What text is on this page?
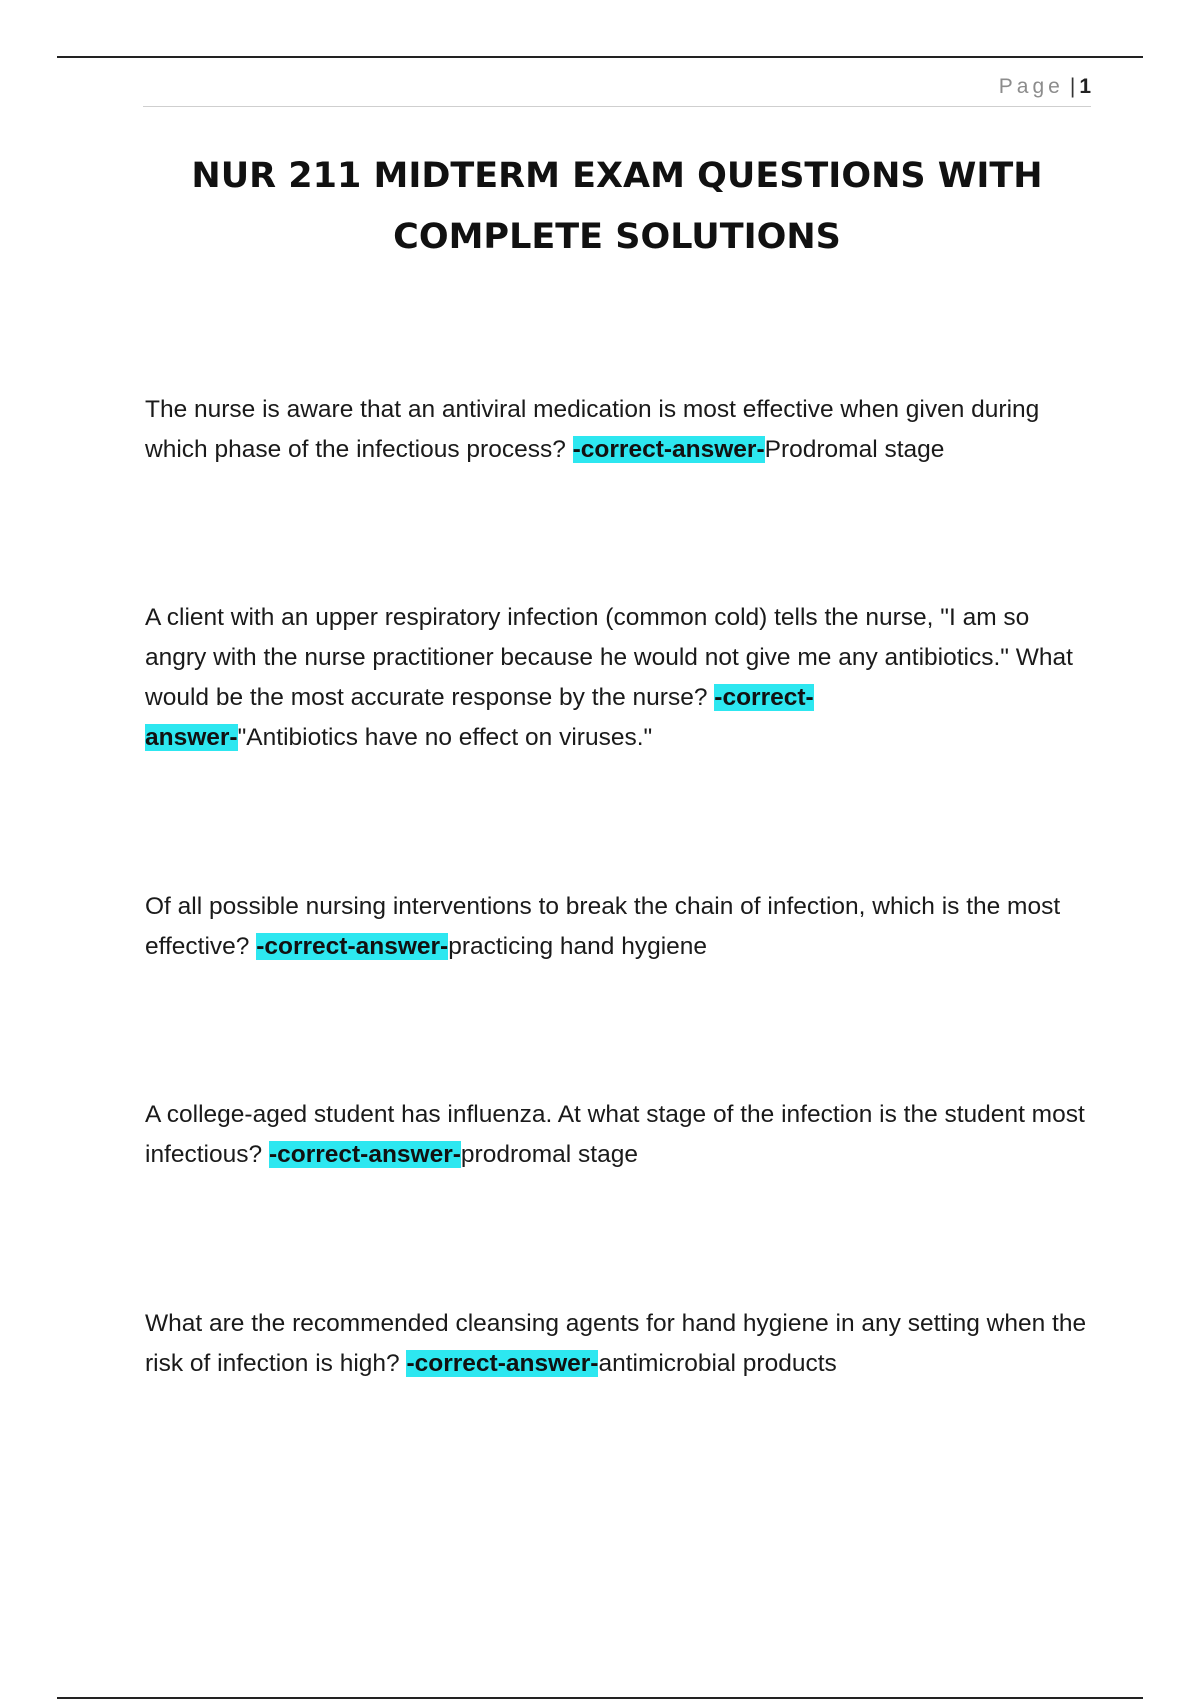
Page | 1
NUR 211 MIDTERM EXAM QUESTIONS WITH
COMPLETE SOLUTIONS

The nurse is aware that an antiviral medication is most effective when given during which phase of the infectious process? -correct-answer-Prodromal stage

A client with an upper respiratory infection (common cold) tells the nurse, "I am so angry with the nurse practitioner because he would not give me any antibiotics." What would be the most accurate response by the nurse? -correct-
answer-"Antibiotics have no effect on viruses."

Of all possible nursing interventions to break the chain of infection, which is the most effective? -correct-answer-practicing hand hygiene

A college-aged student has influenza. At what stage of the infection is the student most infectious? -correct-answer-prodromal stage

What are the recommended cleansing agents for hand hygiene in any setting when the risk of infection is high? -correct-answer-antimicrobial products
